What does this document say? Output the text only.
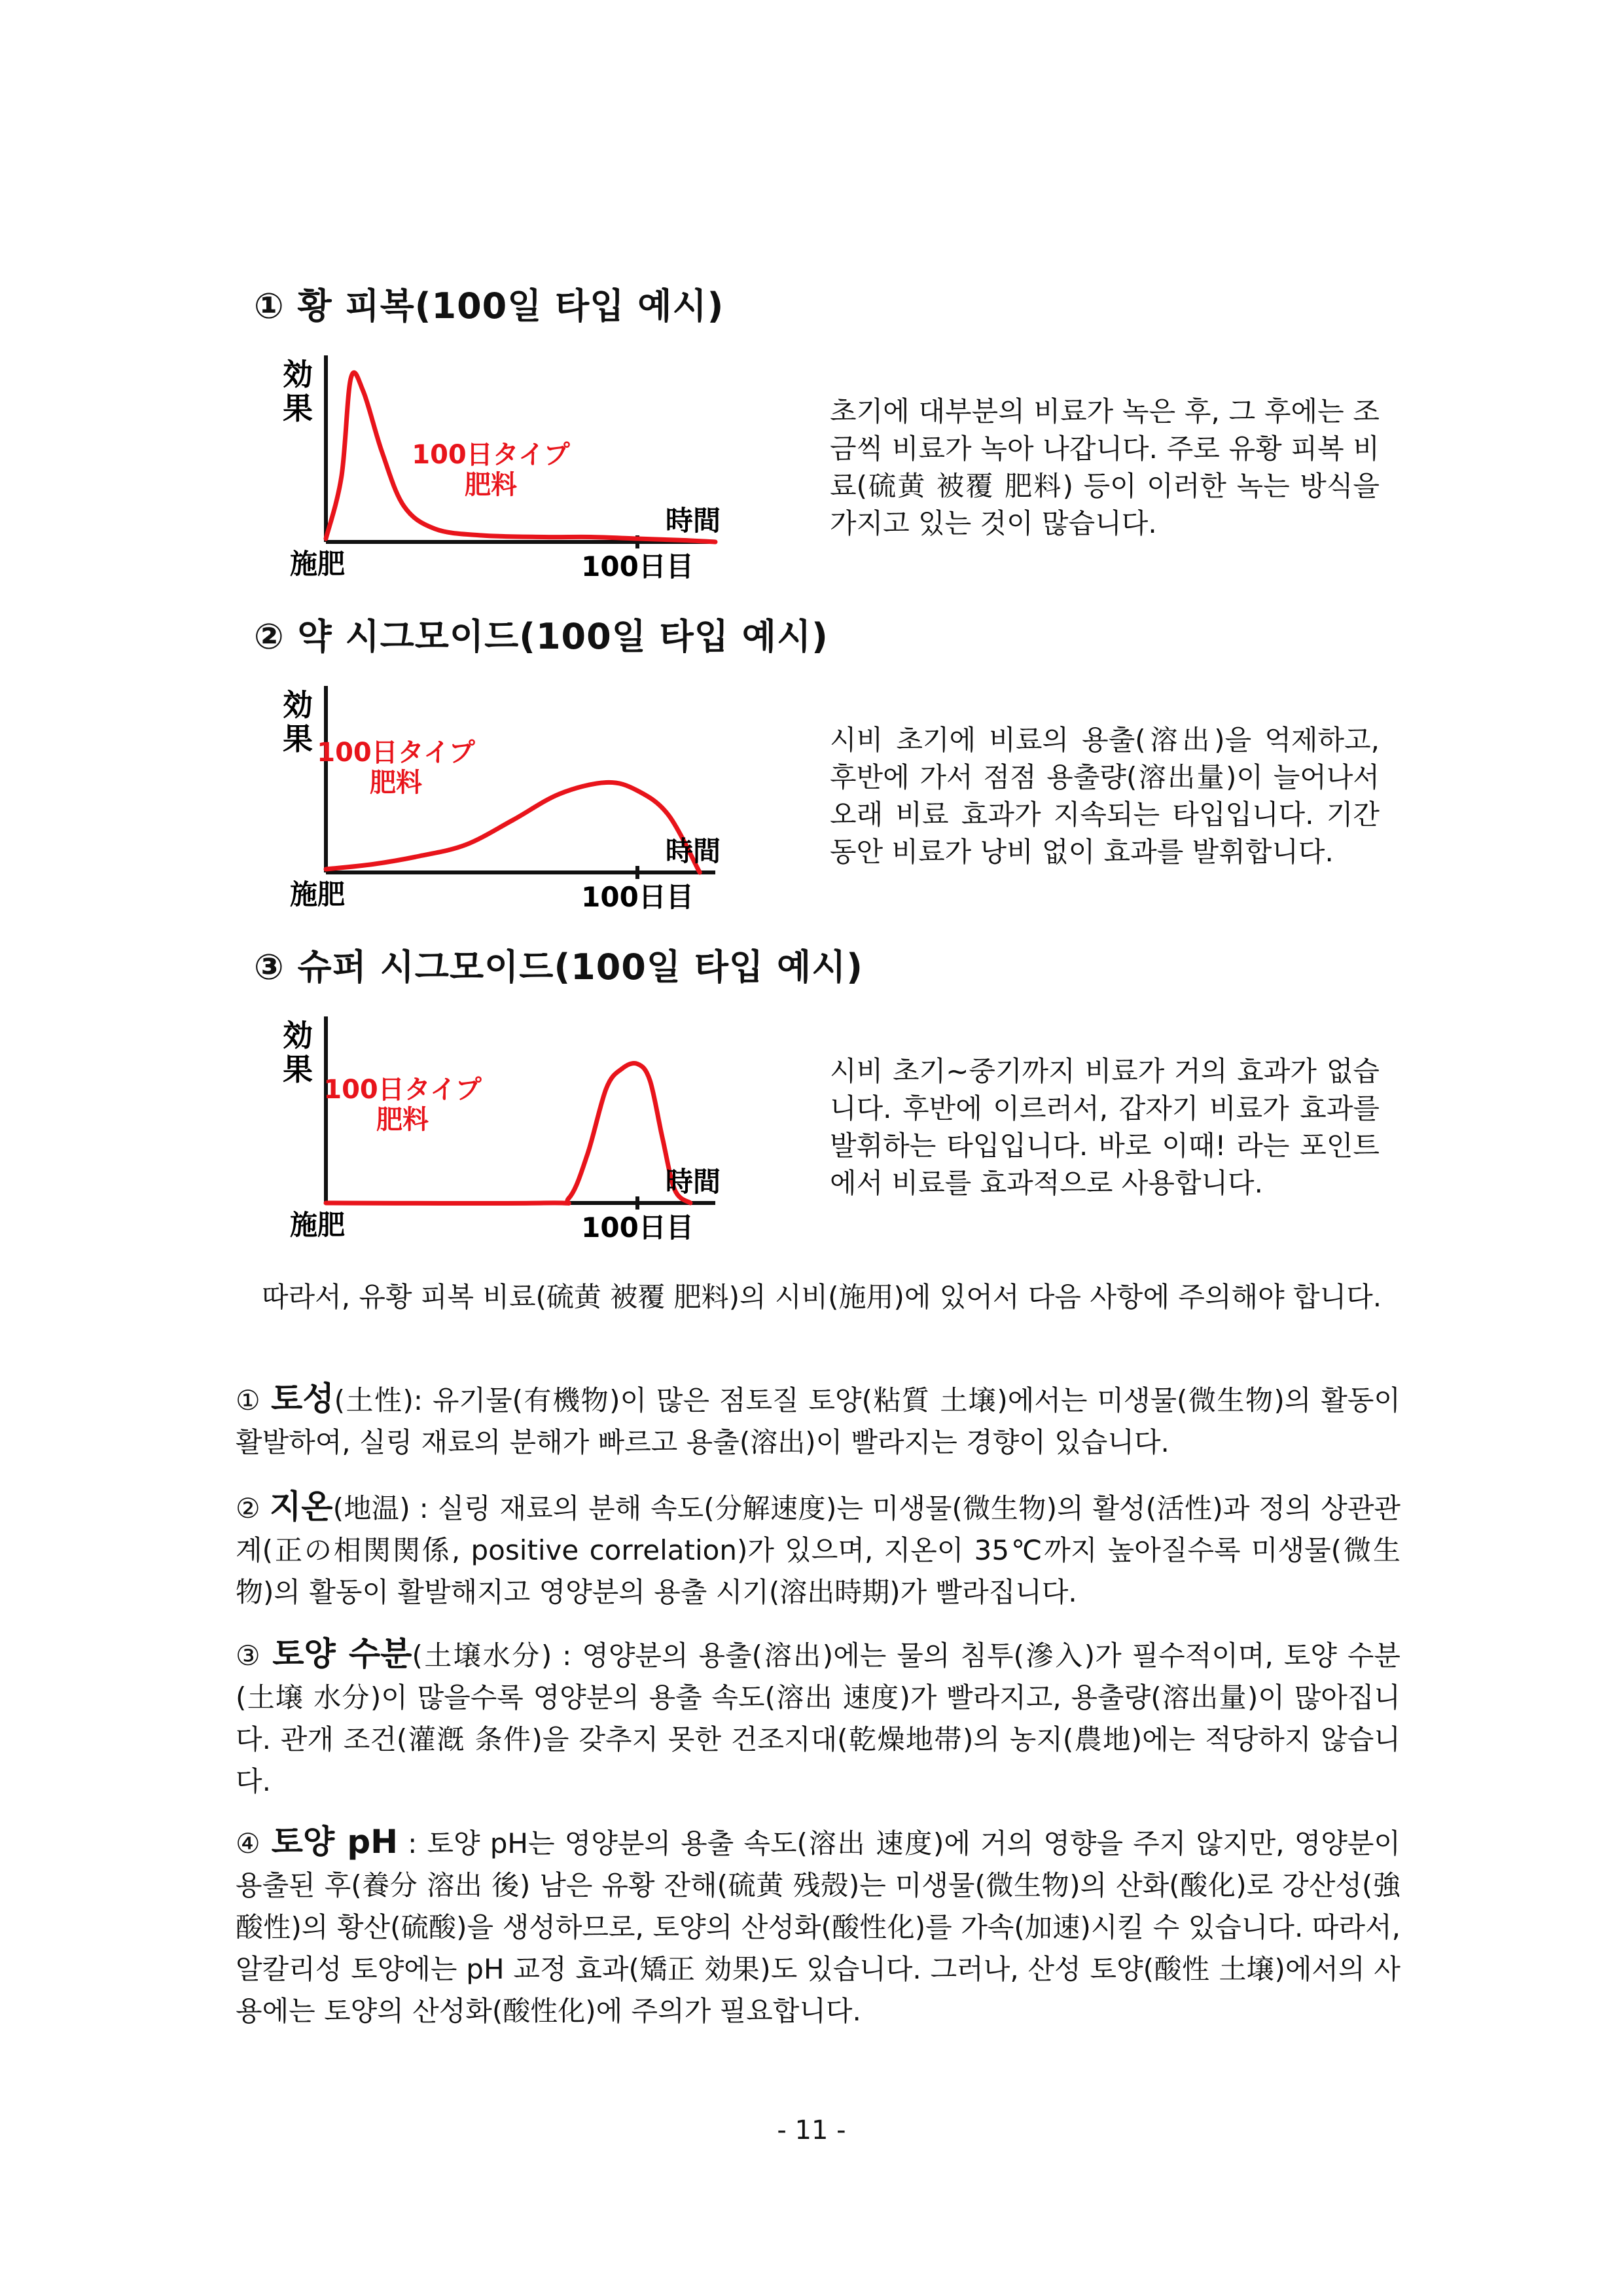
① 황 피복(100일 타입 예시)
効
果
時間
施肥	100日目
100日タイプ
肥料

초기에 대부분의 비료가 녹은 후, 그 후에는 조금씩 비료가 녹아 나갑니다. 주로 유황 피복 비료(硫黄 被覆 肥料) 등이 이러한 녹는 방식을 가지고 있는 것이 많습니다.

② 약 시그모이드(100일 타입 예시)
効
果
時間
施肥	100日目
100日タイプ
肥料

시비 초기에 비료의 용출(溶出)을 억제하고, 후반에 가서 점점 용출량(溶出量)이 늘어나서 오래 비료 효과가 지속되는 타입입니다. 기간 동안 비료가 낭비 없이 효과를 발휘합니다.

③ 슈퍼 시그모이드(100일 타입 예시)
効
果
時間
施肥	100日目
100日タイプ
肥料

시비 초기~중기까지 비료가 거의 효과가 없습니다. 후반에 이르러서, 갑자기 비료가 효과를 발휘하는 타입입니다. 바로 이때! 라는 포인트에서 비료를 효과적으로 사용합니다.

따라서, 유황 피복 비료(硫黄 被覆 肥料)의 시비(施用)에 있어서 다음 사항에 주의해야 합니다.

① 토성(土性): 유기물(有機物)이 많은 점토질 토양(粘質 土壌)에서는 미생물(微生物)의 활동이 활발하여, 실링 재료의 분해가 빠르고 용출(溶出)이 빨라지는 경향이 있습니다.

② 지온(地温) : 실링 재료의 분해 속도(分解速度)는 미생물(微生物)의 활성(活性)과 정의 상관관계(正の相関関係, positive correlation)가 있으며, 지온이 35℃까지 높아질수록 미생물(微生物)의 활동이 활발해지고 영양분의 용출 시기(溶出時期)가 빨라집니다.

③ 토양 수분(土壌水分) : 영양분의 용출(溶出)에는 물의 침투(滲入)가 필수적이며, 토양 수분(土壌 水分)이 많을수록 영양분의 용출 속도(溶出 速度)가 빨라지고, 용출량(溶出量)이 많아집니다. 관개 조건(灌漑 条件)을 갖추지 못한 건조지대(乾燥地帯)의 농지(農地)에는 적당하지 않습니다.

④ 토양 pH : 토양 pH는 영양분의 용출 속도(溶出 速度)에 거의 영향을 주지 않지만, 영양분이 용출된 후(養分 溶出 後) 남은 유황 잔해(硫黄 残殻)는 미생물(微生物)의 산화(酸化)로 강산성(強酸性)의 황산(硫酸)을 생성하므로, 토양의 산성화(酸性化)를 가속(加速)시킬 수 있습니다. 따라서, 알칼리성 토양에는 pH 교정 효과(矯正 効果)도 있습니다. 그러나, 산성 토양(酸性 土壌)에서의 사용에는 토양의 산성화(酸性化)에 주의가 필요합니다.

- 11 -
